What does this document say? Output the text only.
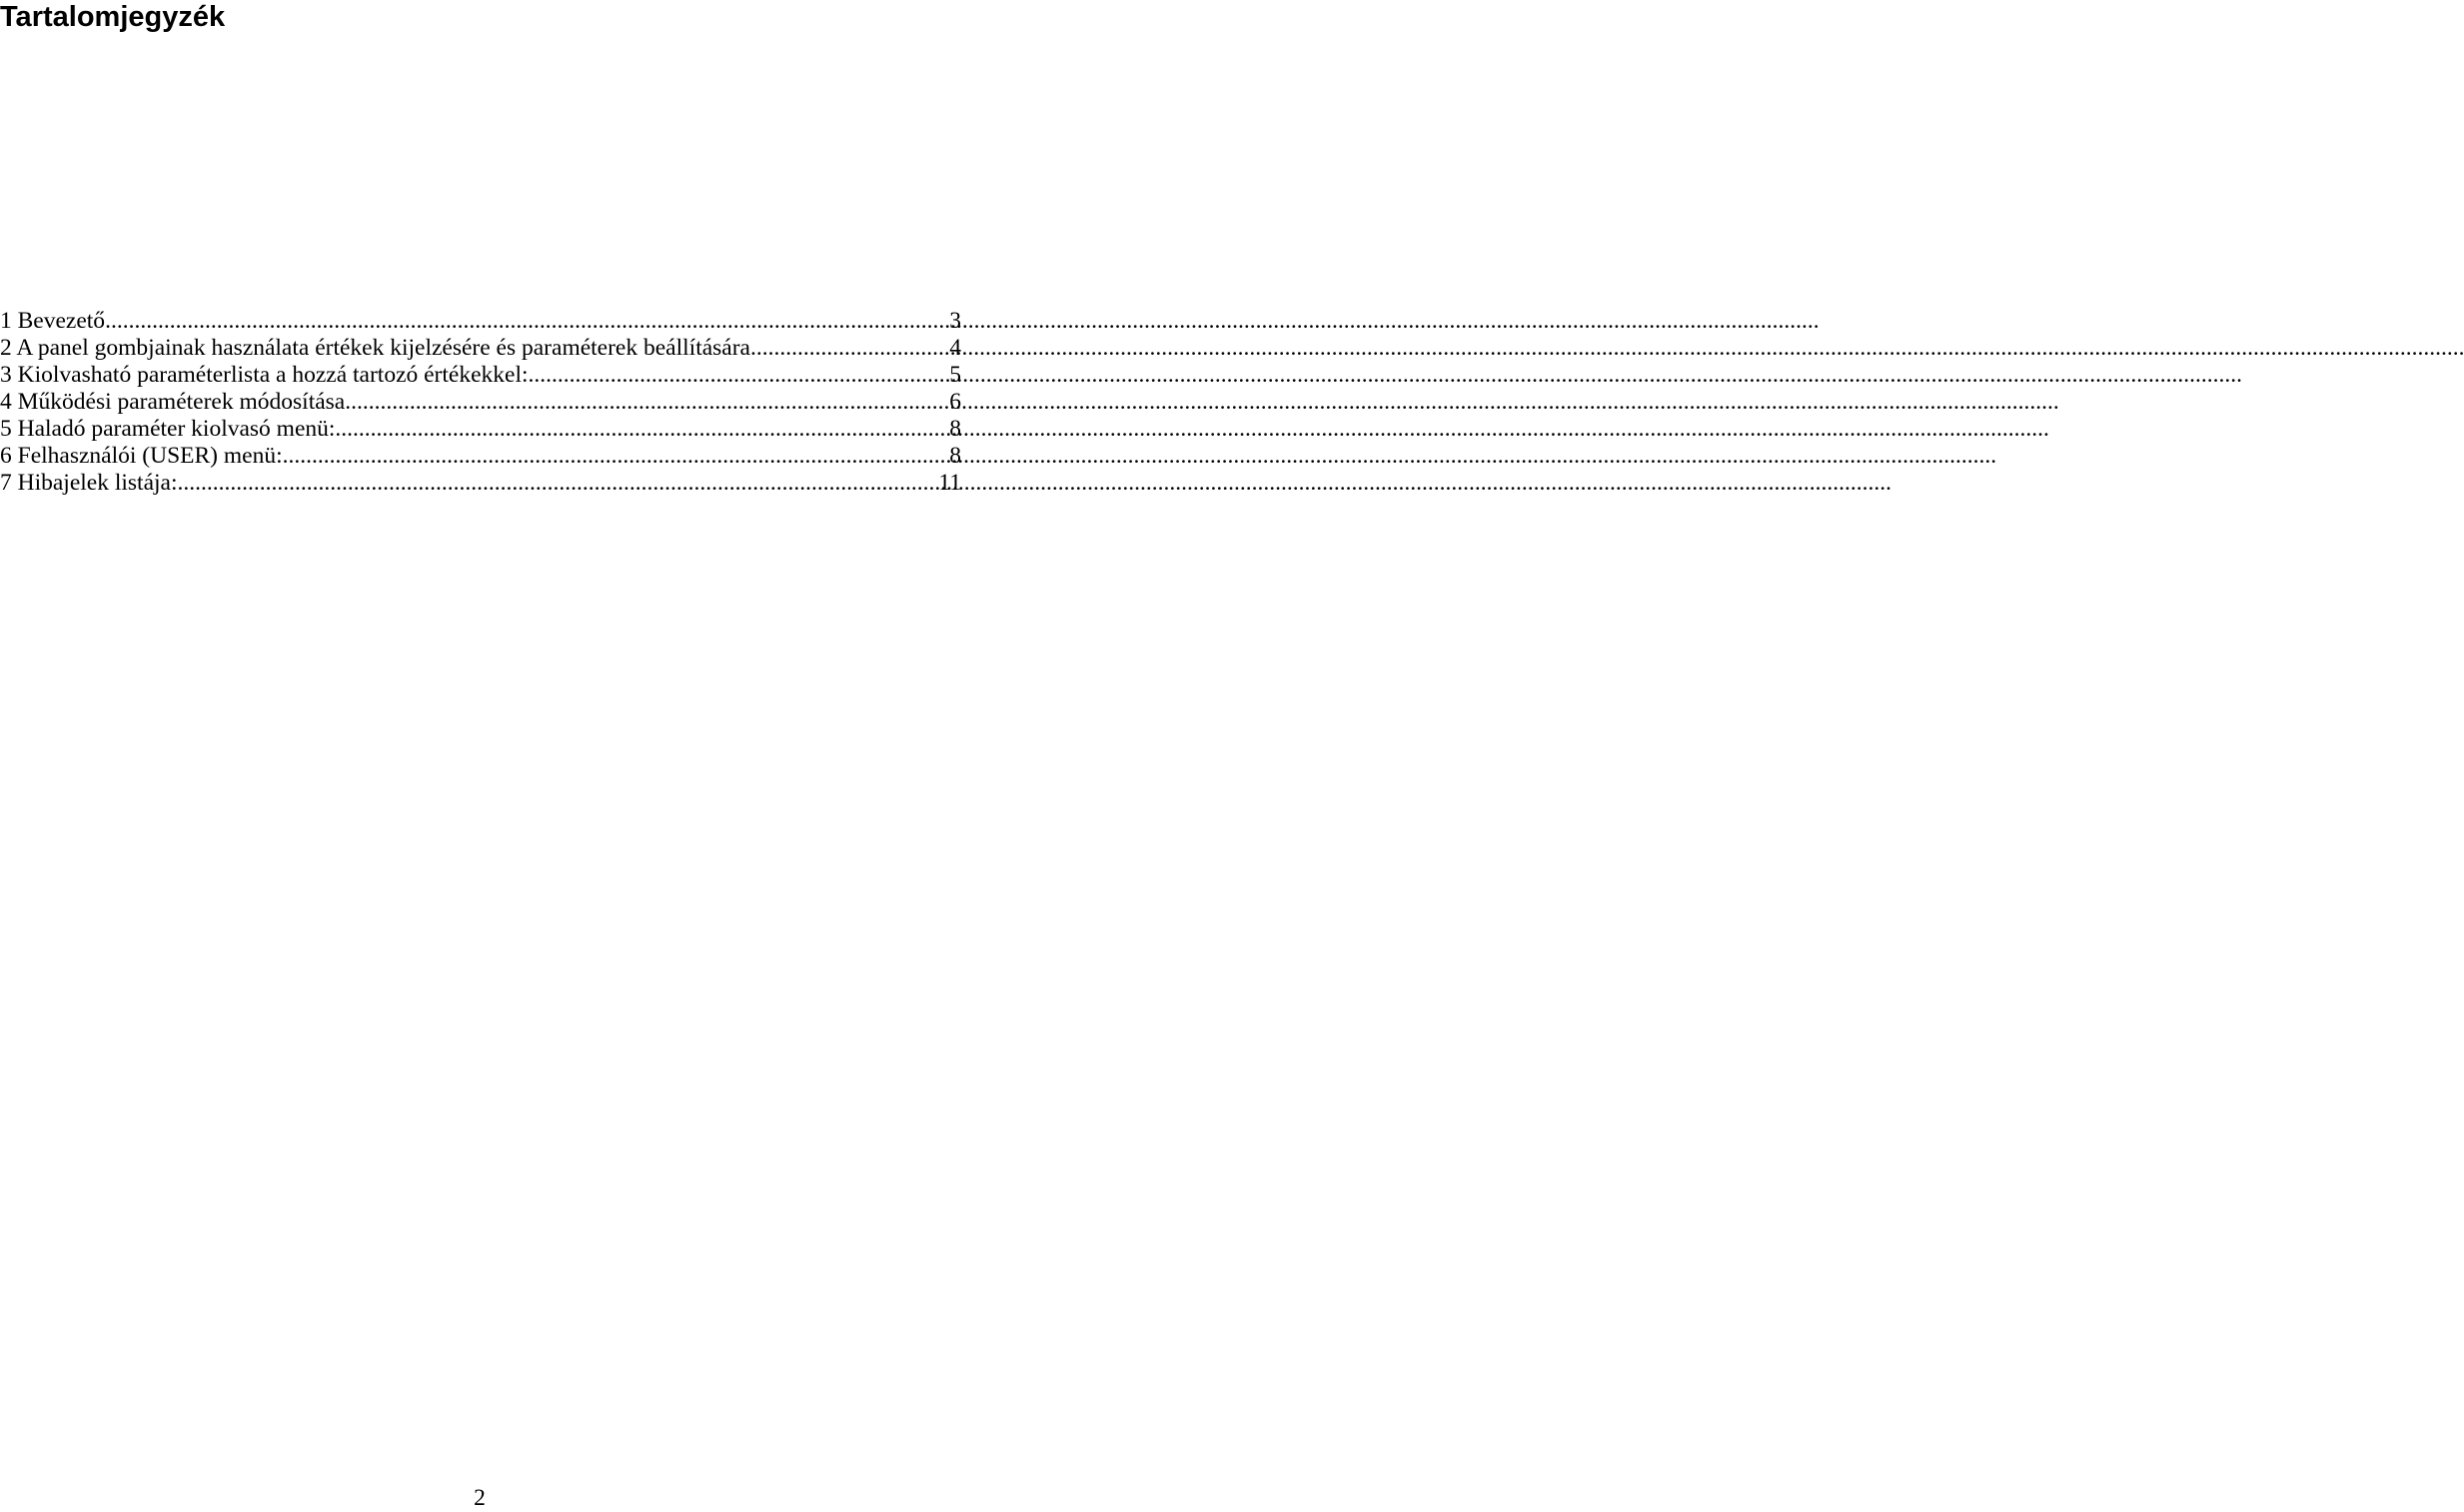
Tartalomjegyzék
1 Bevezető .....	3
2 A panel gombjainak használata értékek kijelzésére és paraméterek beállítására .....	4
3 Kiolvasható paraméterlista a hozzá tartozó értékekkel: .....	5
4 Működési paraméterek módosítása .....	6
5 Haladó paraméter kiolvasó menü: .....	8
6 Felhasználói (USER) menü: .....	8
7 Hibajelek listája: .....	11
2
